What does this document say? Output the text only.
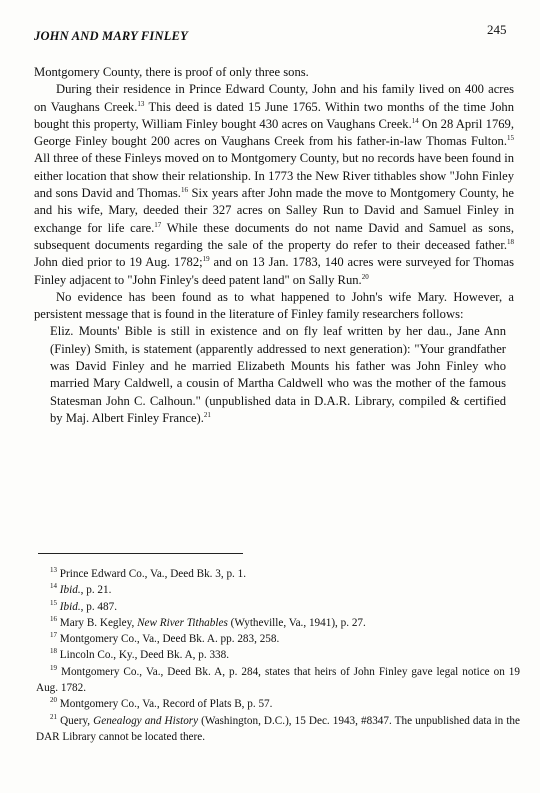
JOHN AND MARY FINLEY	245

Montgomery County, there is proof of only three sons.

During their residence in Prince Edward County, John and his family lived on 400 acres on Vaughans Creek.$^{13}$ This deed is dated 15 June 1765. Within two months of the time John bought this property, William Finley bought 430 acres on Vaughans Creek.$^{14}$ On 28 April 1769, George Finley bought 200 acres on Vaughans Creek from his father-in-law Thomas Fulton.$^{15}$ All three of these Finleys moved on to Montgomery County, but no records have been found in either location that show their relationship. In 1773 the New River tithables show "John Finley and sons David and Thomas.$^{16}$ Six years after John made the move to Montgomery County, he and his wife, Mary, deeded their 327 acres on Salley Run to David and Samuel Finley in exchange for life care.$^{17}$ While these documents do not name David and Samuel as sons, subsequent documents regarding the sale of the property do refer to their deceased father.$^{18}$ John died prior to 19 Aug. 1782;$^{19}$ and on 13 Jan. 1783, 140 acres were surveyed for Thomas Finley adjacent to "John Finley's deed patent land" on Sally Run.$^{20}$

No evidence has been found as to what happened to John's wife Mary. However, a persistent message that is found in the literature of Finley family researchers follows:

Eliz. Mounts' Bible is still in existence and on fly leaf written by her dau., Jane Ann (Finley) Smith, is statement (apparently addressed to next generation): "Your grandfather was David Finley and he married Elizabeth Mounts his father was John Finley who married Mary Caldwell, a cousin of Martha Caldwell who was the mother of the famous Statesman John C. Calhoun." (unpublished data in D.A.R. Library, compiled & certified by Maj. Albert Finley France).$^{21}$

$^{13}$ Prince Edward Co., Va., Deed Bk. 3, p. 1.

$^{14}$ Ibid., p. 21.

$^{15}$ Ibid., p. 487.

$^{16}$ Mary B. Kegley, New River Tithables (Wytheville, Va., 1941), p. 27.

$^{17}$ Montgomery Co., Va., Deed Bk. A. pp. 283, 258.

$^{18}$ Lincoln Co., Ky., Deed Bk. A, p. 338.

$^{19}$ Montgomery Co., Va., Deed Bk. A, p. 284, states that heirs of John Finley gave legal notice on 19 Aug. 1782.

$^{20}$ Montgomery Co., Va., Record of Plats B, p. 57.

$^{21}$ Query, Genealogy and History (Washington, D.C.), 15 Dec. 1943, #8347. The unpublished data in the DAR Library cannot be located there.
